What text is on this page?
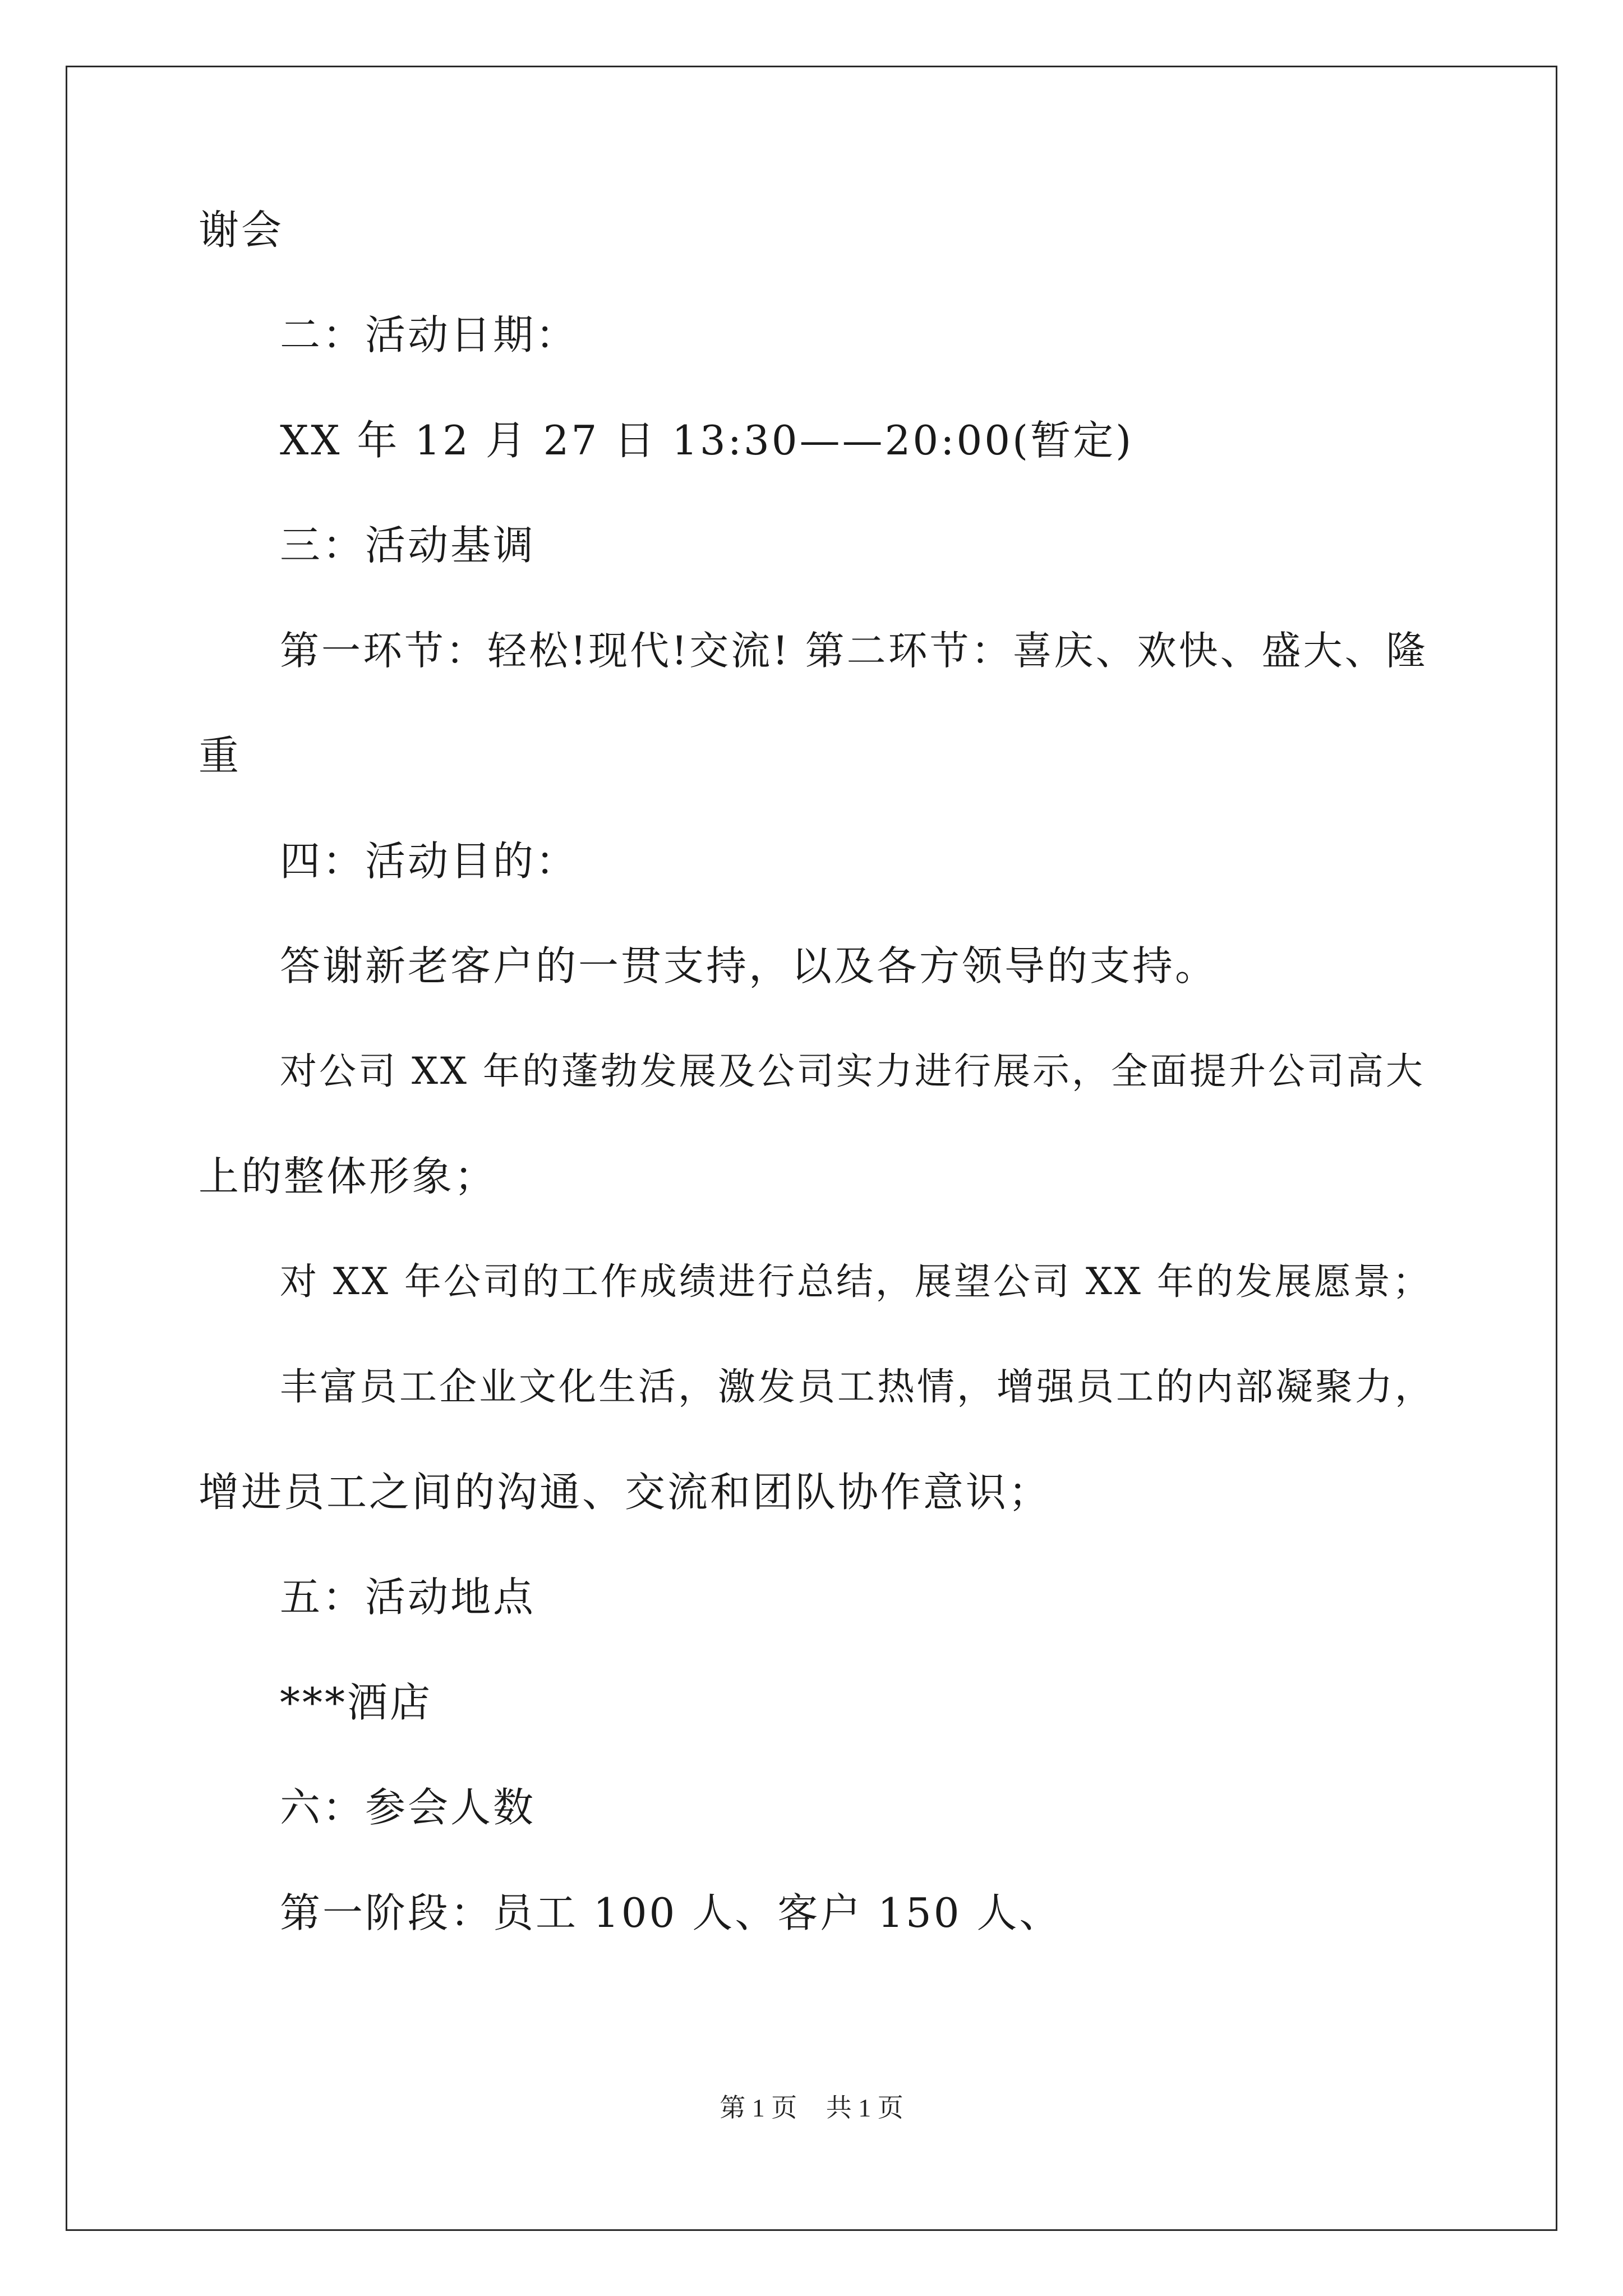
谢会
二：活动日期：
XX 年 12 月 27 日 13:30——20:00(暂定)
三：活动基调
第一环节：轻松!现代!交流! 第二环节：喜庆、欢快、盛大、隆
重
四：活动目的：
答谢新老客户的一贯支持，以及各方领导的支持。
对公司 XX 年的蓬勃发展及公司实力进行展示，全面提升公司高大
上的整体形象；
对 XX 年公司的工作成绩进行总结，展望公司 XX 年的发展愿景；
丰富员工企业文化生活，激发员工热情，增强员工的内部凝聚力，
增进员工之间的沟通、交流和团队协作意识；
五：活动地点
***酒店
六：参会人数
第一阶段：员工 100 人、客户 150 人、
第 1 页 共 1 页
